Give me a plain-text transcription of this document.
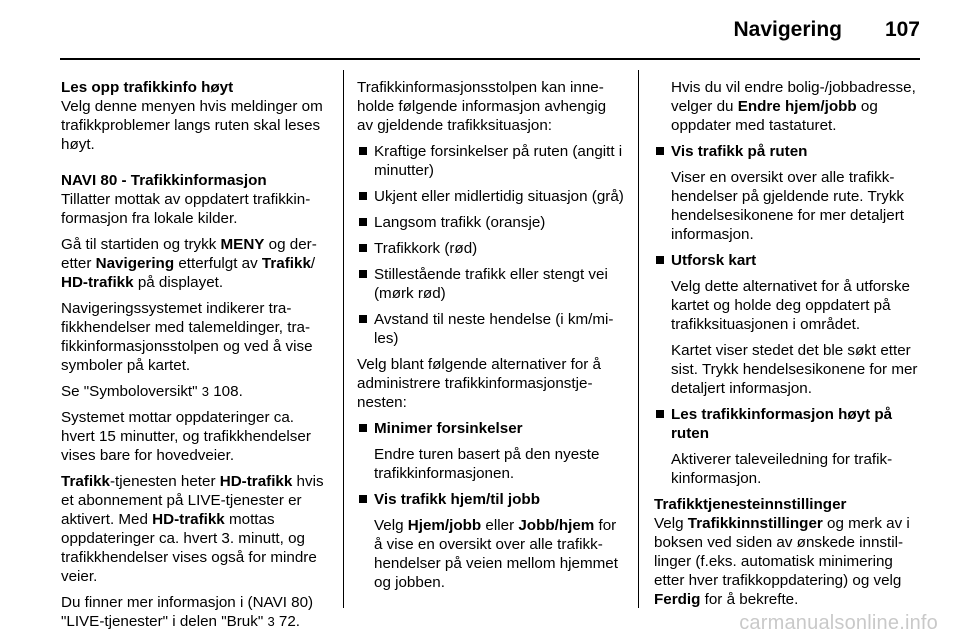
Navigering 107

Les opp trafikkinfo høyt
Velg denne menyen hvis meldinger om trafikkproblemer langs ruten skal leses høyt.

NAVI 80 - Trafikkinformasjon
Tillatter mottak av oppdatert trafikkinformasjon fra lokale kilder.

Gå til startiden og trykk MENY og deretter Navigering etterfulgt av Trafikk/
HD-trafikk på displayet.

Navigeringssystemet indikerer trafikkhendelser med talemeldinger, trafikkinformasjonsstolpen og ved å vise symboler på kartet.

Se "Symboloversikt" 3 108.

Systemet mottar oppdateringer ca. hvert 15 minutter, og trafikkhendelser vises bare for hovedveier.

Trafikk-tjenesten heter HD-trafikk hvis et abonnement på LIVE-tjenester er aktivert. Med HD-trafikk mottas oppdateringer ca. hvert 3. minutt, og trafikkhendelser vises også for mindre veier.

Du finner mer informasjon i (NAVI 80) "LIVE-tjenester" i delen "Bruk" 3 72.

Trafikkinformasjonsstolpen kan inneholde følgende informasjon avhengig av gjeldende trafikksituasjon:

Kraftige forsinkelser på ruten (angitt i minutter)
Ukjent eller midlertidig situasjon (grå)
Langsom trafikk (oransje)
Trafikkork (rød)
Stillestående trafikk eller stengt vei (mørk rød)
Avstand til neste hendelse (i km/miles)

Velg blant følgende alternativer for å administrere trafikkinformasjonstjenesten:

Minimer forsinkelser
Endre turen basert på den nyeste trafikkinformasjonen.
Vis trafikk hjem/til jobb
Velg Hjem/jobb eller Jobb/hjem for å vise en oversikt over alle trafikkhendelser på veien mellom hjemmet og jobben.
Hvis du vil endre bolig-/jobbadresse, velger du Endre hjem/jobb og oppdater med tastaturet.
Vis trafikk på ruten
Viser en oversikt over alle trafikkhendelser på gjeldende rute. Trykk hendelsesikonene for mer detaljert informasjon.
Utforsk kart
Velg dette alternativet for å utforske kartet og holde deg oppdatert på trafikksituasjonen i området.
Kartet viser stedet det ble søkt etter sist. Trykk hendelsesikonene for mer detaljert informasjon.
Les trafikkinformasjon høyt på ruten
Aktiverer taleveiledning for trafikkinformasjon.

Trafikktjenesteinnstillinger

Velg Trafikkinnstillinger og merk av i boksen ved siden av ønskede innstillinger (f.eks. automatisk minimering etter hver trafikkoppdatering) og velg Ferdig for å bekrefte.

carmanualsonline.info
